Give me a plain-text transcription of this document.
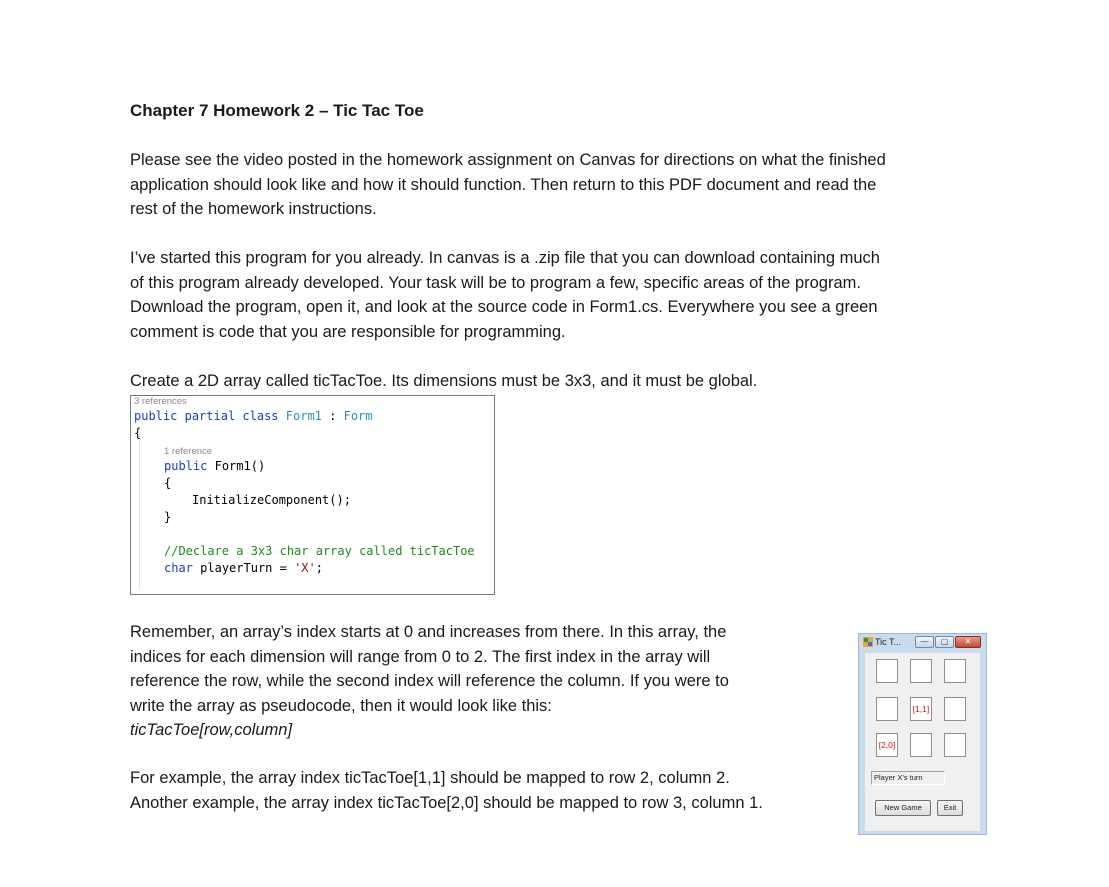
Chapter 7 Homework 2 – Tic Tac Toe
Please see the video posted in the homework assignment on Canvas for directions on what the finished
application should look like and how it should function. Then return to this PDF document and read the
rest of the homework instructions.
I’ve started this program for you already. In canvas is a .zip file that you can download containing much
of this program already developed. Your task will be to program a few, specific areas of the program.
Download the program, open it, and look at the source code in Form1.cs. Everywhere you see a green
comment is code that you are responsible for programming.
Create a 2D array called ticTacToe. Its dimensions must be 3x3, and it must be global.
3 references
public partial class Form1 : Form
{
1 reference
public Form1()
{
InitializeComponent();
}
//Declare a 3x3 char array called ticTacToe
char playerTurn = 'X';
Remember, an array’s index starts at 0 and increases from there. In this array, the
indices for each dimension will range from 0 to 2. The first index in the array will
reference the row, while the second index will reference the column. If you were to
write the array as pseudocode, then it would look like this:
ticTacToe[row,column]
For example, the array index ticTacToe[1,1] should be mapped to row 2, column 2.
Another example, the array index ticTacToe[2,0] should be mapped to row 3, column 1.
Tic T...	—	▢	✕
[1,1]
[2,0]
Player X's turn
New Game	Exit
